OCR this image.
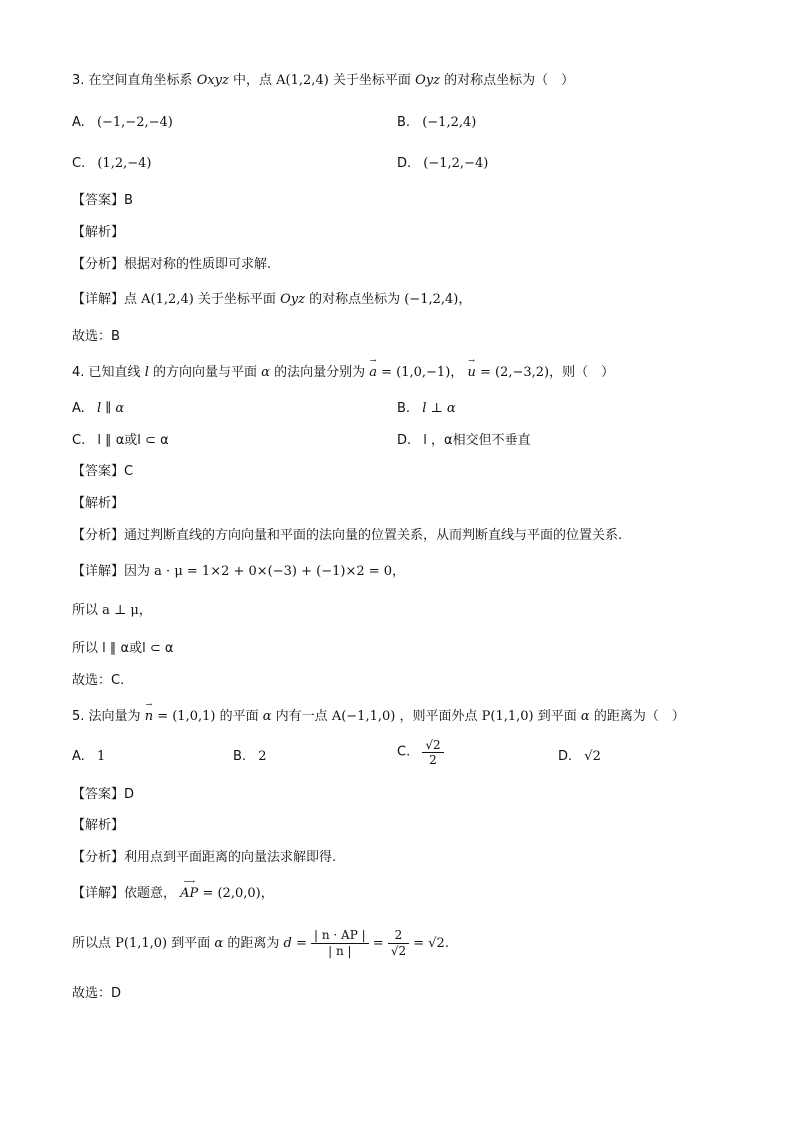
3. 在空间直角坐标系 Oxyz 中，点 A(1,2,4) 关于坐标平面 Oyz 的对称点坐标为（　）
A. (−1,−2,−4)	B. (−1,2,4)
C. (1,2,−4)	D. (−1,2,−4)
【答案】B
【解析】
【分析】根据对称的性质即可求解.
【详解】点 A(1,2,4) 关于坐标平面 Oyz 的对称点坐标为 (−1,2,4)，
故选：B
4. 已知直线 l 的方向向量与平面 α 的法向量分别为
→
a = (1,0,−1)，
→
u = (2,−3,2)，则（　）
A. l ∥ α	B. l ⊥ α
C. l ∥ α或l ⊂ α	D. l ，α相交但不垂直
【答案】C
【解析】
【分析】通过判断直线的方向向量和平面的法向量的位置关系，从而判断直线与平面的位置关系.
【详解】因为 a · μ = 1×2 + 0×(−3) + (−1)×2 = 0，
所以 a ⊥ μ，
所以 l ∥ α或l ⊂ α
故选：C.
5. 法向量为
→
n = (1,0,1) 的平面 α 内有一点 A(−1,1,0) ，则平面外点 P(1,1,0) 到平面 α 的距离为（　）
A. 1	B. 2	C. $\frac{√2}{2}$	D. √2
【答案】D
【解析】
【分析】利用点到平面距离的向量法求解即得.
【详解】依题意，
⟶
AP = (2,0,0)，
所以点 P(1,1,0) 到平面 α 的距离为 $d = \frac{| n \cdot AP |}{| n |} = \frac{2}{√2} = √2$.
故选：D
